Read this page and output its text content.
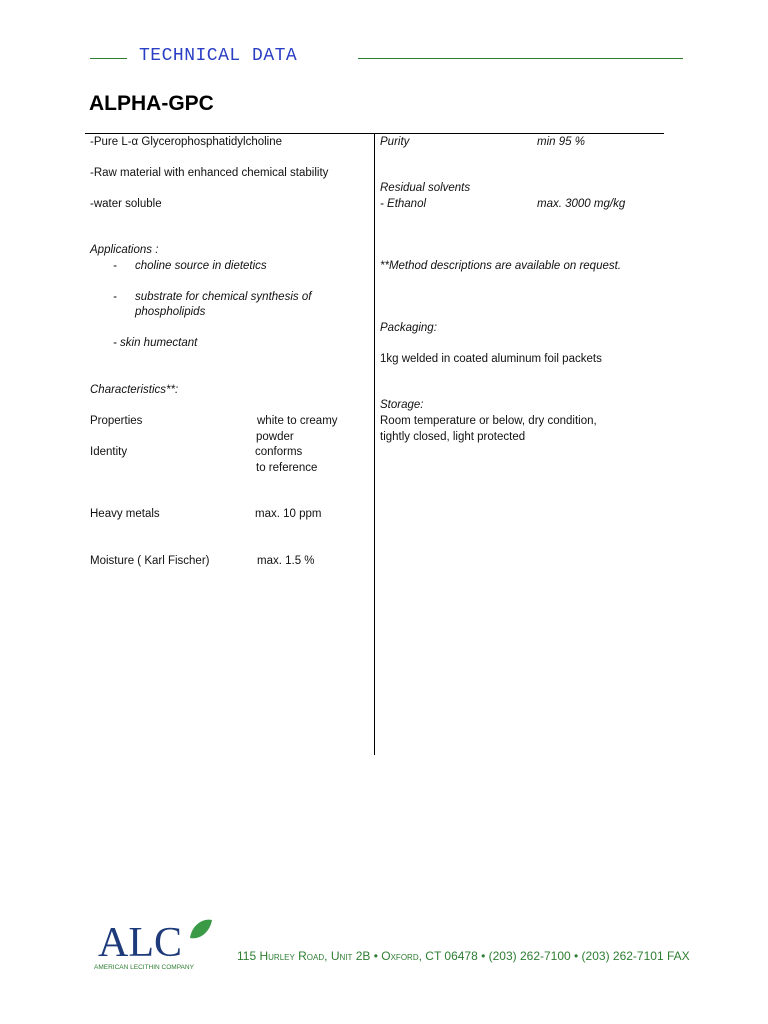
TECHNICAL DATA
ALPHA-GPC
-Pure L-α Glycerophosphatidylcholine
-Raw material with enhanced chemical stability
-water soluble
Applications :
- choline source in dietetics
- substrate for chemical synthesis of
phospholipids
- skin humectant
Characteristics**:
Properties	white to creamy
powder
Identity	conforms
to reference
Heavy metals	max. 10 ppm
Moisture ( Karl Fischer)	max. 1.5 %
Purity	min 95 %
Residual solvents
- Ethanol	max. 3000 mg/kg
**Method descriptions are available on request.
Packaging:
1kg welded in coated aluminum foil packets
Storage:
Room temperature or below, dry condition,
tightly closed, light protected
ALC
AMERICAN LECITHIN COMPANY
115 Hurley Road, Unit 2B • Oxford, CT 06478 • (203) 262-7100 • (203) 262-7101 FAX
